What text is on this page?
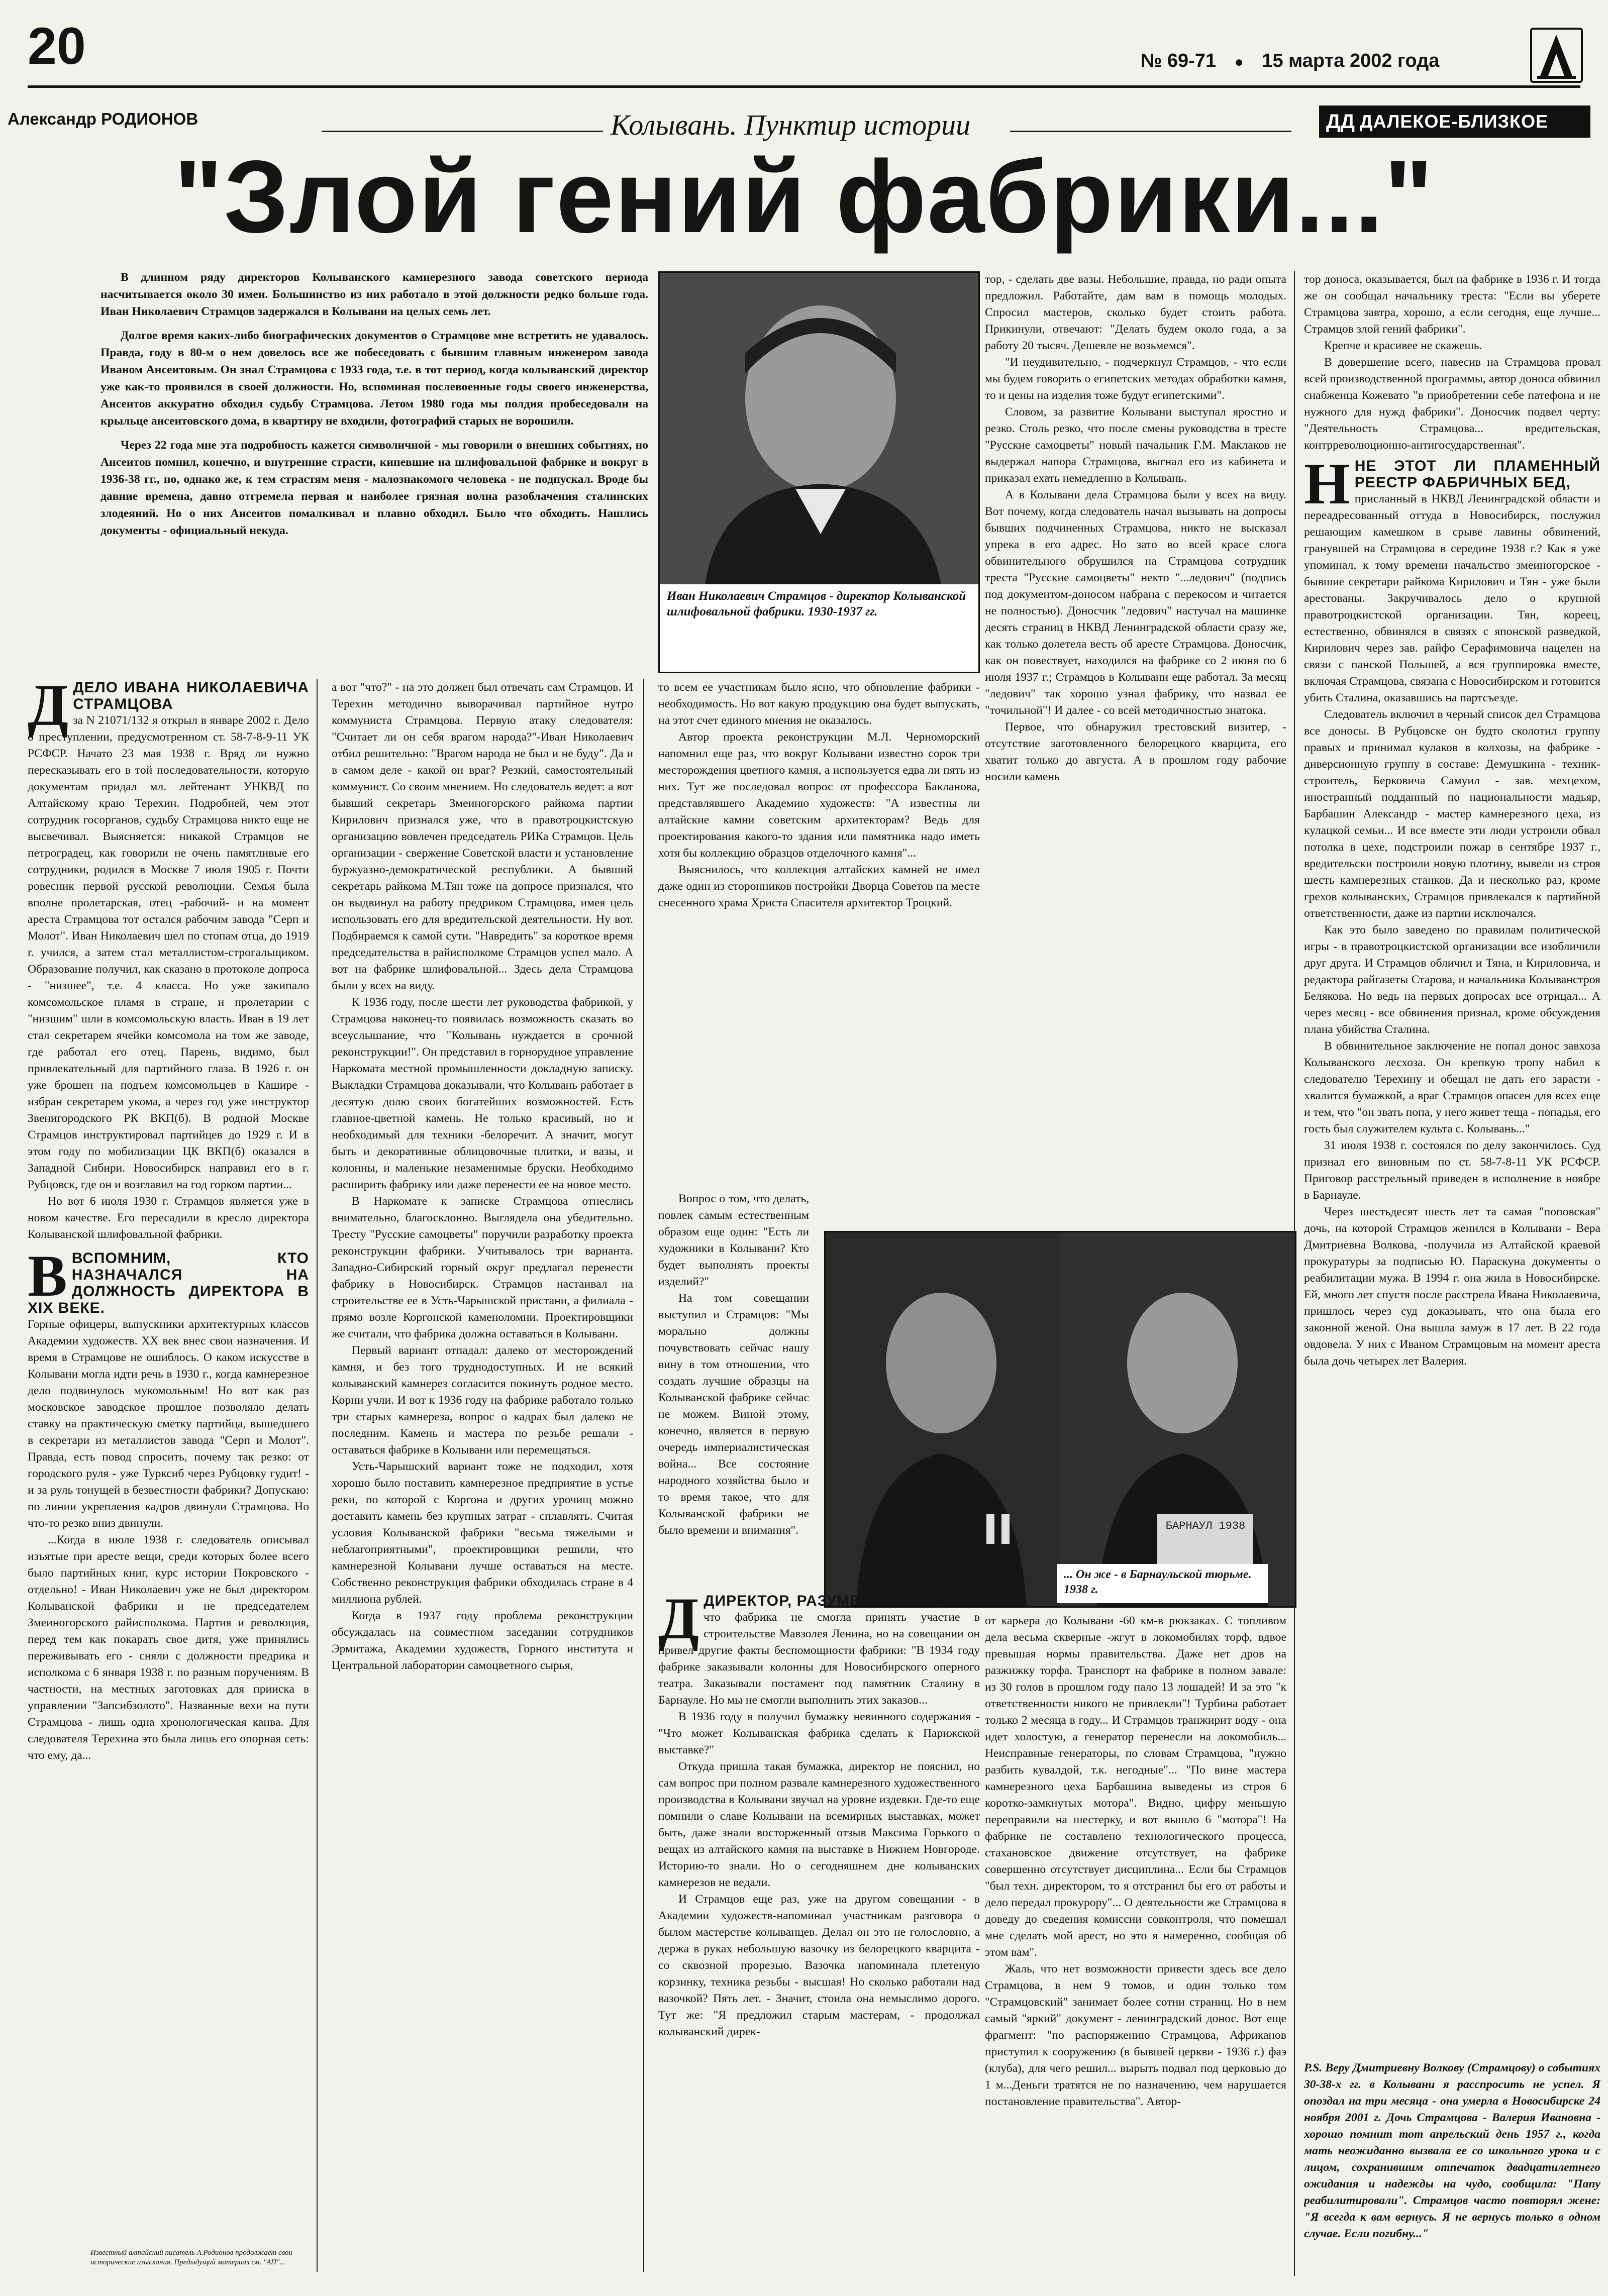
20	№ 69-71 ● 15 марта 2002 года
Александр РОДИОНОВ	Колывань. Пунктир истории	ДД ДАЛЕКОЕ-БЛИЗКОЕ
"Злой гений фабрики..."

В длинном ряду директоров Колыванского камнерезного завода советского периода насчитывается около 30 имен. Большинство из них работало в этой должности редко больше года. Иван Николаевич Страмцов задержался в Колывани на целых семь лет.

Долгое время каких-либо биографических документов о Страмцове мне встретить не удавалось. Правда, году в 80-м о нем довелось все же побеседовать с бывшим главным инженером завода Иваном Ансеитовым. Он знал Страмцова с 1933 года, т.е. в тот период, когда колыванский директор уже как-то проявился в своей должности. Но, вспоминая послевоенные годы своего инженерства, Ансеитов аккуратно обходил судьбу Страмцова. Летом 1980 года мы полдня пробеседовали на крыльце ансеитовского дома, в квартиру не входили, фотографий старых не ворошили.

Через 22 года мне эта подробность кажется символичной - мы говорили о внешних событиях, но Ансеитов помнил, конечно, и внутренние страсти, кипевшие на шлифовальной фабрике и вокруг в 1936-38 гг., но, однако же, к тем страстям меня - малознакомого человека - не подпускал. Вроде бы давние времена, давно отгремела первая и наиболее грязная волна разоблачения сталинских злодеяний. Но о них Ансеитов помалкивал и плавно обходил. Было что обходить. Нашлись документы - официальный некуда.

Иван Николаевич Страмцов - директор Колыванской шлифовальной фабрики. 1930-1937 гг.
Д ДЕЛО ИВАНА НИКОЛАЕВИЧА СТРАМЦОВА

за N 21071/132 я открыл в январе 2002 г. Дело о преступлении, предусмотренном ст. 58-7-8-9-11 УК РСФСР. Начато 23 мая 1938 г. Вряд ли нужно пересказывать его в той последовательности, которую документам придал мл. лейтенант УНКВД по Алтайскому краю Терехин. Подробней, чем этот сотрудник госорганов, судьбу Страмцова никто еще не высвечивал. Выясняется: никакой Страмцов не петроградец, как говорили не очень памятливые его сотрудники, родился в Москве 7 июля 1905 г. Почти ровесник первой русской революции. Семья была вполне пролетарская, отец -рабочий- и на момент ареста Страмцова тот остался рабочим завода "Серп и Молот". Иван Николаевич шел по стопам отца, до 1919 г. учился, а затем стал металлистом-строгальщиком. Образование получил, как сказано в протоколе допроса - "низшее", т.е. 4 класса. Но уже закипало комсомольское пламя в стране, и пролетарии с "низшим" шли в комсомольскую власть. Иван в 19 лет стал секретарем ячейки комсомола на том же заводе, где работал его отец. Парень, видимо, был привлекательный для партийного глаза. В 1926 г. он уже брошен на подъем комсомольцев в Кашире - избран секретарем укома, а через год уже инструктор Звенигородского РК ВКП(б). В родной Москве Страмцов инструктировал партийцев до 1929 г. И в этом году по мобилизации ЦК ВКП(б) оказался в Западной Сибири. Новосибирск направил его в г. Рубцовск, где он и возглавил на год горком партии...

Но вот 6 июля 1930 г. Страмцов является уже в новом качестве. Его пересадили в кресло директора Колыванской шлифовальной фабрики.

В ВСПОМНИМ, КТО НАЗНАЧАЛСЯ НА ДОЛЖНОСТЬ ДИРЕКТОРА В XIX ВЕКЕ.

Горные офицеры, выпускники архитектурных классов Академии художеств. XX век внес свои назначения. И время в Страмцове не ошиблось. О каком искусстве в Колывани могла идти речь в 1930 г., когда камнерезное дело подвинулось мукомольным! Но вот как раз московское заводское прошлое позволяло делать ставку на практическую сметку партийца, вышедшего в секретари из металлистов завода "Серп и Молот". Правда, есть повод спросить, почему так резко: от городского руля - уже Турксиб через Рубцовку гудит! - и за руль тонущей в безвестности фабрики? Допускаю: по линии укрепления кадров двинули Страмцова. Но что-то резко вниз двинули.

...Когда в июле 1938 г. следователь описывал изъятые при аресте вещи, среди которых более всего было партийных книг, курс истории Покровского - отдельно! - Иван Николаевич уже не был директором Колыванской фабрики и не председателем Змеиногорского райисполкома. Партия и революция, перед тем как покарать свое дитя, уже принялись переживывать его - сняли с должности предрика и исполкома с 6 января 1938 г. по разным поручениям. В частности, на местных заготовках для прииска в управлении "Запсибзолото". Названные вехи на пути Страмцова - лишь одна хронологическая канва. Для следователя Терехина это была лишь его опорная сеть: что ему, да...

а вот "что?" - на это должен был отвечать сам Страмцов. И Терехин методично выворачивал партийное нутро коммуниста Страмцова. Первую атаку следователя: "Считает ли он себя врагом народа?"-Иван Николаевич отбил решительно: "Врагом народа не был и не буду". Да и в самом деле - какой он враг? Резкий, самостоятельный коммунист. Со своим мнением. Но следователь ведет: а вот бывший секретарь Змеиногорского райкома партии Кирилович признался уже, что в правотроцкистскую организацию вовлечен председатель РИКа Страмцов. Цель организации - свержение Советской власти и установление буржуазно-демократической республики. А бывший секретарь райкома М.Тян тоже на допросе признался, что он выдвинул на работу предриком Страмцова, имея цель использовать его для вредительской деятельности. Ну вот. Подбираемся к самой сути. "Навредить" за короткое время председательства в райисполкоме Страмцов успел мало. А вот на фабрике шлифовальной... Здесь дела Страмцова были у всех на виду.

К 1936 году, после шести лет руководства фабрикой, у Страмцова наконец-то появилась возможность сказать во всеуслышание, что "Колывань нуждается в срочной реконструкции!". Он представил в горнорудное управление Наркомата местной промышленности докладную записку. Выкладки Страмцова доказывали, что Колывань работает в десятую долю своих богатейших возможностей. Есть главное-цветной камень. Не только красивый, но и необходимый для техники -белоречит. А значит, могут быть и декоративные облицовочные плитки, и вазы, и колонны, и маленькие незаменимые бруски. Необходимо расширить фабрику или даже перенести ее на новое место.

В Наркомате к записке Страмцова отнеслись внимательно, благосклонно. Выглядела она убедительно. Тресту "Русские самоцветы" поручили разработку проекта реконструкции фабрики. Учитывалось три варианта. Западно-Сибирский горный округ предлагал перенести фабрику в Новосибирск. Страмцов настаивал на строительстве ее в Усть-Чарышской пристани, а филиала - прямо возле Коргонской каменоломни. Проектировщики же считали, что фабрика должна оставаться в Колывани.

Первый вариант отпадал: далеко от месторождений камня, и без того труднодоступных. И не всякий колыванский камнерез согласится покинуть родное место. Корни учли. И вот к 1936 году на фабрике работало только три старых камнереза, вопрос о кадрах был далеко не последним. Камень и мастера по резьбе решали - оставаться фабрике в Колывани или перемещаться.

Усть-Чарышский вариант тоже не подходил, хотя хорошо было поставить камнерезное предприятие в устье реки, по которой с Коргона и других урочищ можно доставить камень без крупных затрат - сплавлять. Считая условия Колыванской фабрики "весьма тяжелыми и неблагоприятными", проектировщики решили, что камнерезной Колывани лучше оставаться на месте. Собственно реконструкция фабрики обходилась стране в 4 миллиона рублей.

Когда в 1937 году проблема реконструкции обсуждалась на совместном заседании сотрудников Эрмитажа, Академии художеств, Горного института и Центральной лаборатории самоцветного сырья,

то всем ее участникам было ясно, что обновление фабрики - необходимость. Но вот какую продукцию она будет выпускать, на этот счет единого мнения не оказалось.

Автор проекта реконструкции М.Л. Черноморский напомнил еще раз, что вокруг Колывани известно сорок три месторождения цветного камня, а используется едва ли пять из них. Тут же последовал вопрос от профессора Бакланова, представлявшего Академию художеств: "А известны ли алтайские камни советским архитекторам? Ведь для проектирования какого-то здания или памятника надо иметь хотя бы коллекцию образцов отделочного камня"...

Выяснилось, что коллекция алтайских камней не имел даже один из сторонников постройки Дворца Советов на месте снесенного храма Христа Спасителя архитектор Троцкий.

Вопрос о том, что делать, повлек самым естественным образом еще один: "Есть ли художники в Колывани? Кто будет выполнять проекты изделий?"

На том совещании выступил и Страмцов: "Мы морально должны почувствовать сейчас нашу вину в том отношении, что создать лучшие образцы на Колыванской фабрике сейчас не можем. Виной этому, конечно, является в первую очередь империалистическая война... Все состояние народного хозяйства было и то время такое, что для Колыванской фабрики не было времени и внимания".	БАРНАУЛ 1938
... Он же - в Барнаульской тюрьме. 1938 г.
Д ДИРЕКТОР, РАЗУМЕЕТСЯ, ЗНАЛ,

что фабрика не смогла принять участие в строительстве Мавзолея Ленина, но на совещании он привел другие факты беспомощности фабрики: "В 1934 году фабрике заказывали колонны для Новосибирского оперного театра. Заказывали постамент под памятник Сталину в Барнауле. Но мы не смогли выполнить этих заказов...

В 1936 году я получил бумажку невинного содержания - "Что может Колыванская фабрика сделать к Парижской выставке?"

Откуда пришла такая бумажка, директор не пояснил, но сам вопрос при полном развале камнерезного художественного производства в Колывани звучал на уровне издевки. Где-то еще помнили о славе Колывани на всемирных выставках, может быть, даже знали восторженный отзыв Максима Горького о вещах из алтайского камня на выставке в Нижнем Новгороде. Историю-то знали. Но о сегодняшнем дне колыванских камнерезов не ведали.

И Страмцов еще раз, уже на другом совещании - в Академии художеств-напоминал участникам разговора о былом мастерстве колыванцев. Делал он это не голословно, а держа в руках небольшую вазочку из белорецкого кварцита - со сквозной прорезью. Вазочка напоминала плетеную корзинку, техника резьбы - высшая! Но сколько работали над вазочкой? Пять лет. - Значит, стоила она немыслимо дорого. Тут же: "Я предложил старым мастерам, - продолжал колыванский дирек-

тор, - сделать две вазы. Небольшие, правда, но ради опыта предложил. Работайте, дам вам в помощь молодых. Спросил мастеров, сколько будет стоить работа. Прикинули, отвечают: "Делать будем около года, а за работу 20 тысяч. Дешевле не возьмемся".

"И неудивительно, - подчеркнул Страмцов, - что если мы будем говорить о египетских методах обработки камня, то и цены на изделия тоже будут египетскими".

Словом, за развитие Колывани выступал яростно и резко. Столь резко, что после смены руководства в тресте "Русские самоцветы" новый начальник Г.М. Маклаков не выдержал напора Страмцова, выгнал его из кабинета и приказал ехать немедленно в Колывань.

А в Колывани дела Страмцова были у всех на виду. Вот почему, когда следователь начал вызывать на допросы бывших подчиненных Страмцова, никто не высказал упрека в его адрес. Но зато во всей красе слога обвинительного обрушился на Страмцова сотрудник треста "Русские самоцветы" некто "...ледович" (подпись под документом-доносом набрана с перекосом и читается не полностью). Доносчик "ледович" настучал на машинке десять страниц в НКВД Ленинградской области сразу же, как только долетела весть об аресте Страмцова. Доносчик, как он повествует, находился на фабрике со 2 июня по 6 июля 1937 г.; Страмцов в Колывани еще работал. За месяц "ледович" так хорошо узнал фабрику, что назвал ее "точильной"! И далее - со всей методичностью знатока.

Первое, что обнаружил трестовский визитер, - отсутствие заготовленного белорецкого кварцита, его хватит только до августа. А в прошлом году рабочие носили камень

от карьера до Колывани -60 км-в рюкзаках. С топливом дела весьма скверные -жгут в локомобилях торф, вдвое превышая нормы правительства. Даже нет дров на разжижку торфа. Транспорт на фабрике в полном завале: из 30 голов в прошлом году пало 13 лошадей! И за это "к ответственности никого не привлекли"! Турбина работает только 2 месяца в году... И Страмцов транжирит воду - она идет холостую, а генератор перенесли на локомобиль... Неисправные генераторы, по словам Страмцова, "нужно разбить кувалдой, т.к. негодные"... "По вине мастера камнерезного цеха Барбашина выведены из строя 6 коротко-замкнутых мотора". Видно, цифру меньшую переправили на шестерку, и вот вышло 6 "мотора"! На фабрике не составлено технологического процесса, стахановское движение отсутствует, на фабрике совершенно отсутствует дисциплина... Если бы Страмцов "был техн. директором, то я отстранил бы его от работы и дело передал прокурору"... О деятельности же Страмцова я доведу до сведения комиссии совконтроля, что помешал мне сделать мой арест, но это я намеренно, сообщая об этом вам".

Жаль, что нет возможности привести здесь все дело Страмцова, в нем 9 томов, и один только том "Страмцовский" занимает более сотни страниц. Но в нем самый "яркий" документ - ленинградский донос. Вот еще фрагмент: "по распоряжению Страмцова, Африканов приступил к сооружению (в бывшей церкви - 1936 г.) фаэ (клуба), для чего решил... вырыть подвал под церковью до 1 м...Деньги тратятся не по назначению, чем нарушается постановление правительства". Автор-

тор доноса, оказывается, был на фабрике в 1936 г. И тогда же он сообщал начальнику треста: "Если вы уберете Страмцова завтра, хорошо, а если сегодня, еще лучше... Страмцов злой гений фабрики".

Крепче и красивее не скажешь.

В довершение всего, навесив на Страмцова провал всей производственной программы, автор доноса обвинил снабженца Кожевато "в приобретении себе патефона и не нужного для нужд фабрики". Доносчик подвел черту: "Деятельность Страмцова... вредительская, контрреволюционно-антигосударственная".

Н НЕ ЭТОТ ЛИ ПЛАМЕННЫЙ РЕЕСТР ФАБРИЧНЫХ БЕД,

присланный в НКВД Ленинградской области и переадресованный оттуда в Новосибирск, послужил решающим камешком в срыве лавины обвинений, гранувшей на Страмцова в середине 1938 г.? Как я уже упоминал, к тому времени начальство змеиногорское - бывшие секретари райкома Кирилович и Тян - уже были арестованы. Закручивалось дело о крупной правотроцкистской организации. Тян, кореец, естественно, обвинялся в связях с японской разведкой, Кирилович через зав. райфо Серафимовича нацелен на связи с панской Польшей, а вся группировка вместе, включая Страмцова, связана с Новосибирском и готовится убить Сталина, оказавшись на партсъезде.

Следователь включил в черный список дел Страмцова все доносы. В Рубцовске он будто сколотил группу правых и принимал кулаков в колхозы, на фабрике - диверсионную группу в составе: Демушкина - техник-строитель, Берковича Самуил - зав. мехцехом, иностранный подданный по национальности мадьяр, Барбашин Александр - мастер камнерезного цеха, из кулацкой семьи... И все вместе эти люди устроили обвал потолка в цехе, подстроили пожар в сентябре 1937 г., вредительски построили новую плотину, вывели из строя шесть камнерезных станков. Да и несколько раз, кроме грехов колыванских, Страмцов привлекался к партийной ответственности, даже из партии исключался.

Как это было заведено по правилам политической игры - в правотроцкистской организации все изобличили друг друга. И Страмцов обличил и Тяна, и Кириловича, и редактора райгазеты Старова, и начальника Колыванстроя Белякова. Но ведь на первых допросах все отрицал... А через месяц - все обвинения признал, кроме обсуждения плана убийства Сталина.

В обвинительное заключение не попал донос завхоза Колыванского лесхоза. Он крепкую тропу набил к следователю Терехину и обещал не дать его зарасти - хвалится бумажкой, а враг Страмцов опасен для всех еще и тем, что "он звать попа, у него живет теща - попадья, его гость был служителем культа с. Колывань..."

31 июля 1938 г. состоялся по делу закончилось. Суд признал его виновным по ст. 58-7-8-11 УК РСФСР. Приговор расстрельный приведен в исполнение в ноябре в Барнауле.

Через шестьдесят шесть лет та самая "поповская" дочь, на которой Страмцов женился в Колывани - Вера Дмитриевна Волкова, -получила из Алтайской краевой прокуратуры за подписью Ю. Параскуна документы о реабилитации мужа. В 1994 г. она жила в Новосибирске. Ей, много лет спустя после расстрела Ивана Николаевича, пришлось через суд доказывать, что она была его законной женой. Она вышла замуж в 17 лет. В 22 года овдовела. У них с Иваном Страмцовым на момент ареста была дочь четырех лет Валерия.

P.S. Веру Дмитриевну Волкову (Страмцову) о событиях 30-38-х гг. в Колывани я расспросить не успел. Я опоздал на три месяца - она умерла в Новосибирске 24 ноября 2001 г. Дочь Страмцова - Валерия Ивановна - хорошо помнит тот апрельский день 1957 г., когда мать неожиданно вызвала ее со школьного урока и с лицом, сохранившим отпечаток двадцатилетнего ожидания и надежды на чудо, сообщила: "Папу реабилитировали". Страмцов часто повторял жене: "Я всегда к вам вернусь. Я не вернусь только в одном случае. Если погибну..."
Известный алтайский писатель А.Родионов продолжает свои исторические изыскания. Предыдущий материал см. "АП"...
